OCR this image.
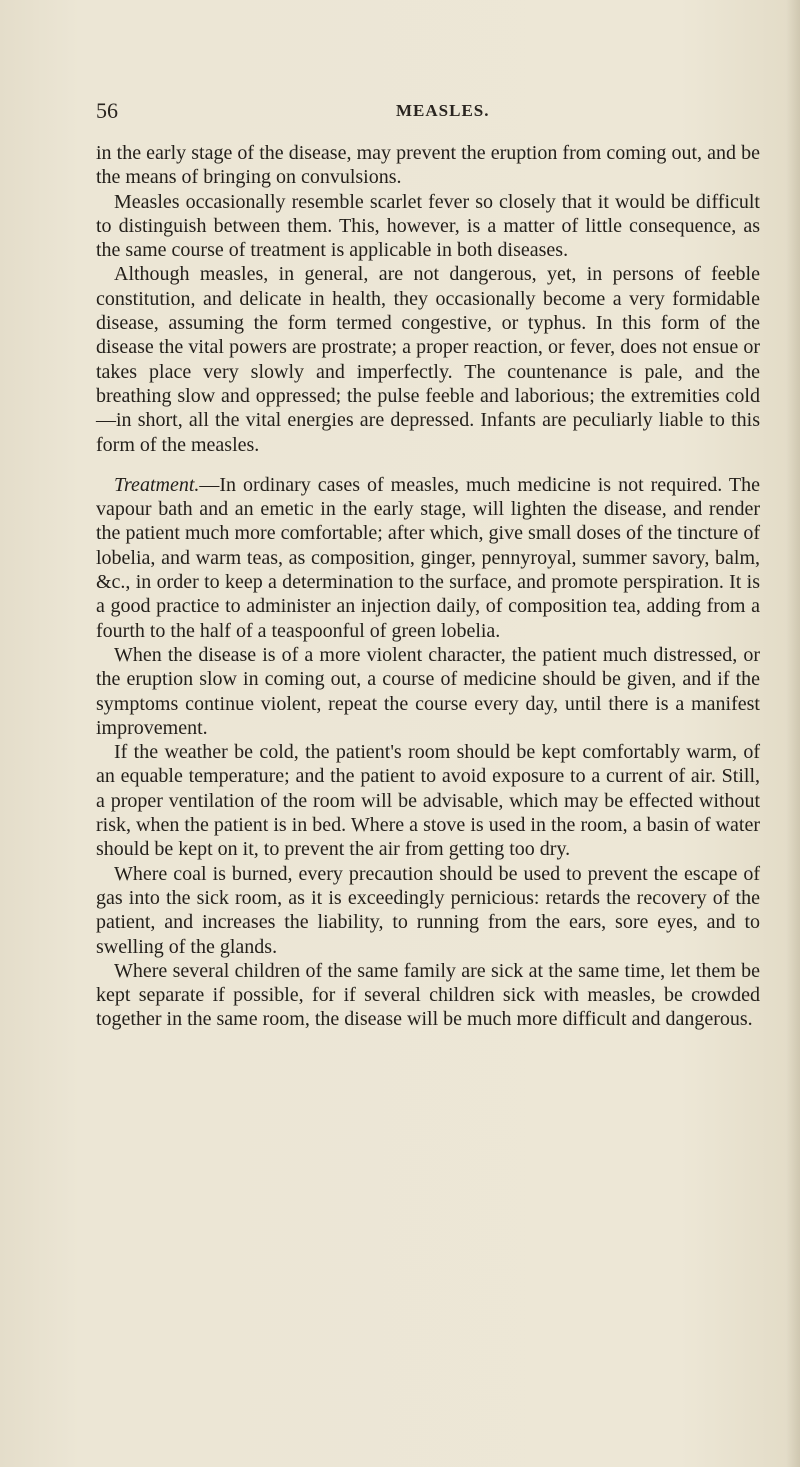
56	MEASLES.

in the early stage of the disease, may prevent the eruption from coming out, and be the means of bringing on convulsions.

Measles occasionally resemble scarlet fever so closely that it would be difficult to distinguish between them. This, however, is a matter of little consequence, as the same course of treatment is applicable in both diseases.

Although measles, in general, are not dangerous, yet, in persons of feeble constitution, and delicate in health, they occasionally become a very formidable disease, assuming the form termed congestive, or typhus. In this form of the disease the vital powers are prostrate; a proper reaction, or fever, does not ensue or takes place very slowly and imperfectly. The countenance is pale, and the breathing slow and oppressed; the pulse feeble and laborious; the extremities cold—in short, all the vital energies are depressed. Infants are peculiarly liable to this form of the measles.

Treatment.—In ordinary cases of measles, much medicine is not required. The vapour bath and an emetic in the early stage, will lighten the disease, and render the patient much more comfortable; after which, give small doses of the tincture of lobelia, and warm teas, as composition, ginger, pennyroyal, summer savory, balm, &c., in order to keep a determination to the surface, and promote perspiration. It is a good practice to administer an injection daily, of composition tea, adding from a fourth to the half of a teaspoonful of green lobelia.

When the disease is of a more violent character, the patient much distressed, or the eruption slow in coming out, a course of medicine should be given, and if the symptoms continue violent, repeat the course every day, until there is a manifest improvement.

If the weather be cold, the patient's room should be kept comfortably warm, of an equable temperature; and the patient to avoid exposure to a current of air. Still, a proper ventilation of the room will be advisable, which may be effected without risk, when the patient is in bed. Where a stove is used in the room, a basin of water should be kept on it, to prevent the air from getting too dry.

Where coal is burned, every precaution should be used to prevent the escape of gas into the sick room, as it is exceedingly pernicious: retards the recovery of the patient, and increases the liability, to running from the ears, sore eyes, and to swelling of the glands.

Where several children of the same family are sick at the same time, let them be kept separate if possible, for if several children sick with measles, be crowded together in the same room, the disease will be much more difficult and dangerous.
